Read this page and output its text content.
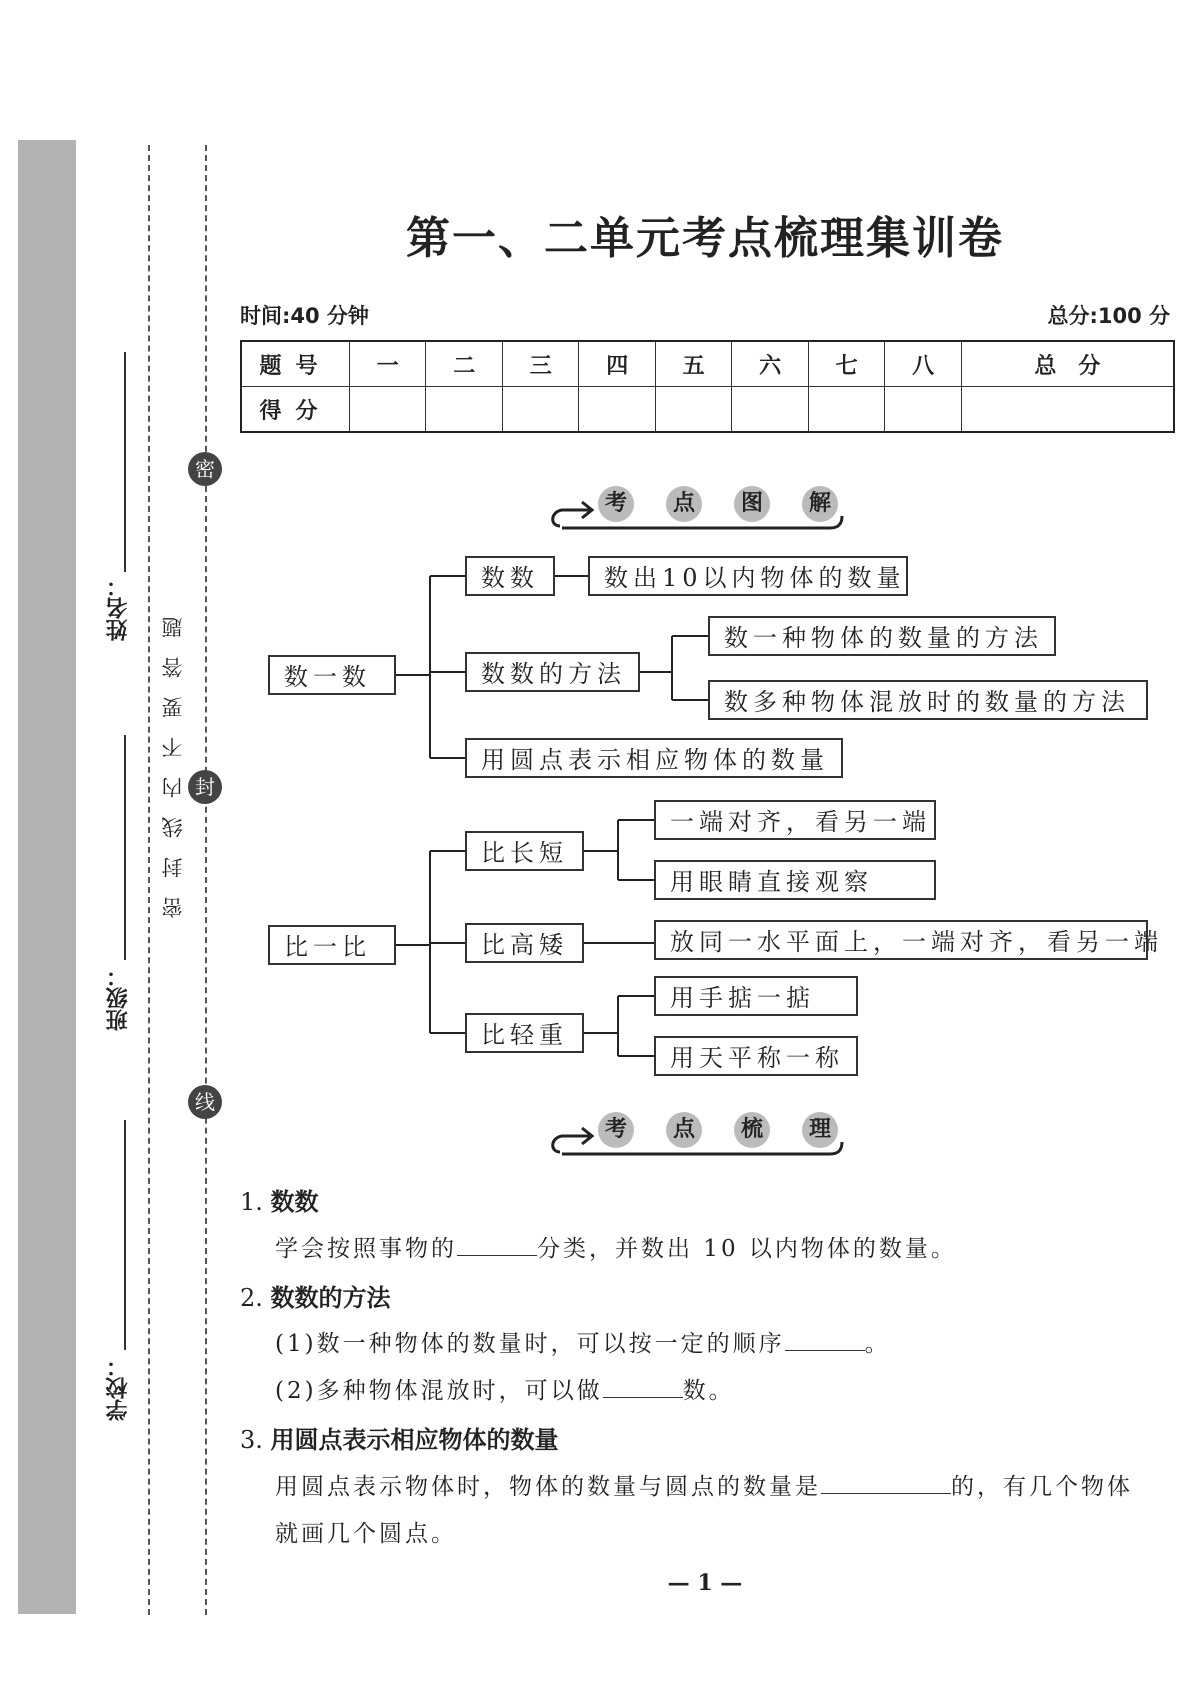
姓名：
班级：
学校：
密封线内不要答题
密
封
线
第一、二单元考点梳理集训卷
时间:40 分钟	总分:100 分
题号	一	二	三	四	五	六	七	八	总　分
得分									
考	点	图	解
数一数
数数	数出10以内物体的数量
数数的方法
数一种物体的数量的方法
数多种物体混放时的数量的方法
用圆点表示相应物体的数量
比一比
比长短
一端对齐，看另一端
用眼睛直接观察
比高矮	放同一水平面上，一端对齐，看另一端
比轻重
用手掂一掂
用天平称一称
考	点	梳	理
1. 数数
学会按照事物的	分类，并数出 10 以内物体的数量。
2. 数数的方法
(1)数一种物体的数量时，可以按一定的顺序	。
(2)多种物体混放时，可以做	数。
3. 用圆点表示相应物体的数量
用圆点表示物体时，物体的数量与圆点的数量是	的，有几个物体
就画几个圆点。
— 1 —
